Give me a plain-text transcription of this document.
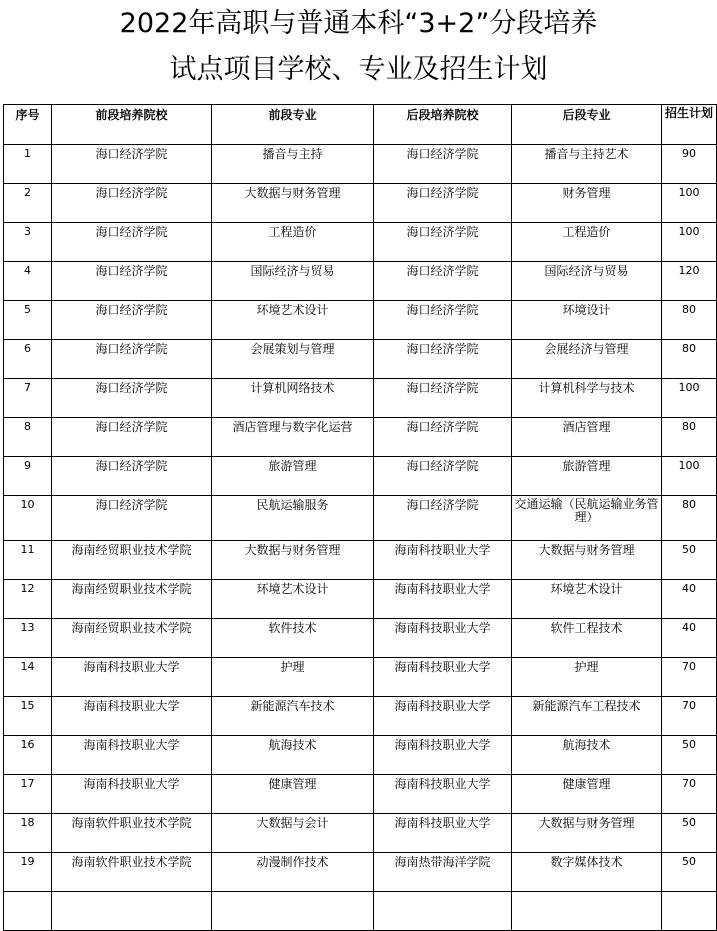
2022年高职与普通本科“3+2”分段培养
试点项目学校、专业及招生计划
序号	前段培养院校	前段专业	后段培养院校	后段专业	招生计划
1	海口经济学院	播音与主持	海口经济学院	播音与主持艺术	90
2	海口经济学院	大数据与财务管理	海口经济学院	财务管理	100
3	海口经济学院	工程造价	海口经济学院	工程造价	100
4	海口经济学院	国际经济与贸易	海口经济学院	国际经济与贸易	120
5	海口经济学院	环境艺术设计	海口经济学院	环境设计	80
6	海口经济学院	会展策划与管理	海口经济学院	会展经济与管理	80
7	海口经济学院	计算机网络技术	海口经济学院	计算机科学与技术	100
8	海口经济学院	酒店管理与数字化运营	海口经济学院	酒店管理	80
9	海口经济学院	旅游管理	海口经济学院	旅游管理	100
10	海口经济学院	民航运输服务	海口经济学院	交通运输（民航运输业务管理）	80
11	海南经贸职业技术学院	大数据与财务管理	海南科技职业大学	大数据与财务管理	50
12	海南经贸职业技术学院	环境艺术设计	海南科技职业大学	环境艺术设计	40
13	海南经贸职业技术学院	软件技术	海南科技职业大学	软件工程技术	40
14	海南科技职业大学	护理	海南科技职业大学	护理	70
15	海南科技职业大学	新能源汽车技术	海南科技职业大学	新能源汽车工程技术	70
16	海南科技职业大学	航海技术	海南科技职业大学	航海技术	50
17	海南科技职业大学	健康管理	海南科技职业大学	健康管理	70
18	海南软件职业技术学院	大数据与会计	海南科技职业大学	大数据与财务管理	50
19	海南软件职业技术学院	动漫制作技术	海南热带海洋学院	数字媒体技术	50
